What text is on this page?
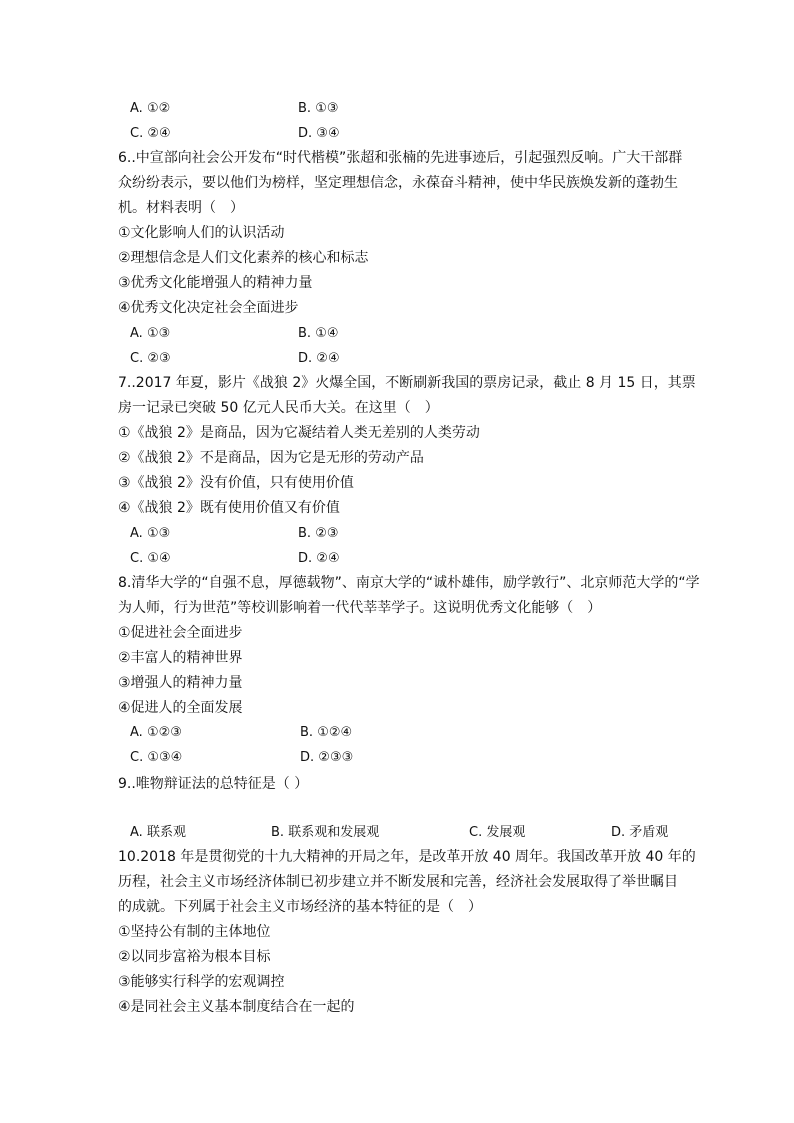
A. ①②	B. ①③
C. ②④	D. ③④
6..中宣部向社会公开发布“时代楷模”张超和张楠的先进事迹后，引起强烈反响。广大干部群
众纷纷表示，要以他们为榜样，坚定理想信念，永葆奋斗精神，使中华民族焕发新的蓬勃生
机。材料表明（　）
①文化影响人们的认识活动
②理想信念是人们文化素养的核心和标志
③优秀文化能增强人的精神力量
④优秀文化决定社会全面进步
A. ①③	B. ①④
C. ②③	D. ②④
7..2017 年夏，影片《战狼 2》火爆全国，不断刷新我国的票房记录，截止 8 月 15 日，其票
房一记录已突破 50 亿元人民币大关。在这里（　）
①《战狼 2》是商品，因为它凝结着人类无差别的人类劳动
②《战狼 2》不是商品，因为它是无形的劳动产品
③《战狼 2》没有价值，只有使用价值
④《战狼 2》既有使用价值又有价值
A. ①③	B. ②③
C. ①④	D. ②④
8.清华大学的“自强不息，厚德载物”、南京大学的“诚朴雄伟，励学敦行”、北京师范大学的“学
为人师，行为世范”等校训影响着一代代莘莘学子。这说明优秀文化能够（　）
①促进社会全面进步
②丰富人的精神世界
③增强人的精神力量
④促进人的全面发展
A. ①②③	B. ①②④
C. ①③④	D. ②③③
9..唯物辩证法的总特征是（ ）
A. 联系观	B. 联系观和发展观	C. 发展观	D. 矛盾观
10.2018 年是贯彻党的十九大精神的开局之年，是改革开放 40 周年。我国改革开放 40 年的
历程，社会主义市场经济体制已初步建立并不断发展和完善，经济社会发展取得了举世瞩目
的成就。下列属于社会主义市场经济的基本特征的是（　）
①坚持公有制的主体地位
②以同步富裕为根本目标
③能够实行科学的宏观调控
④是同社会主义基本制度结合在一起的
